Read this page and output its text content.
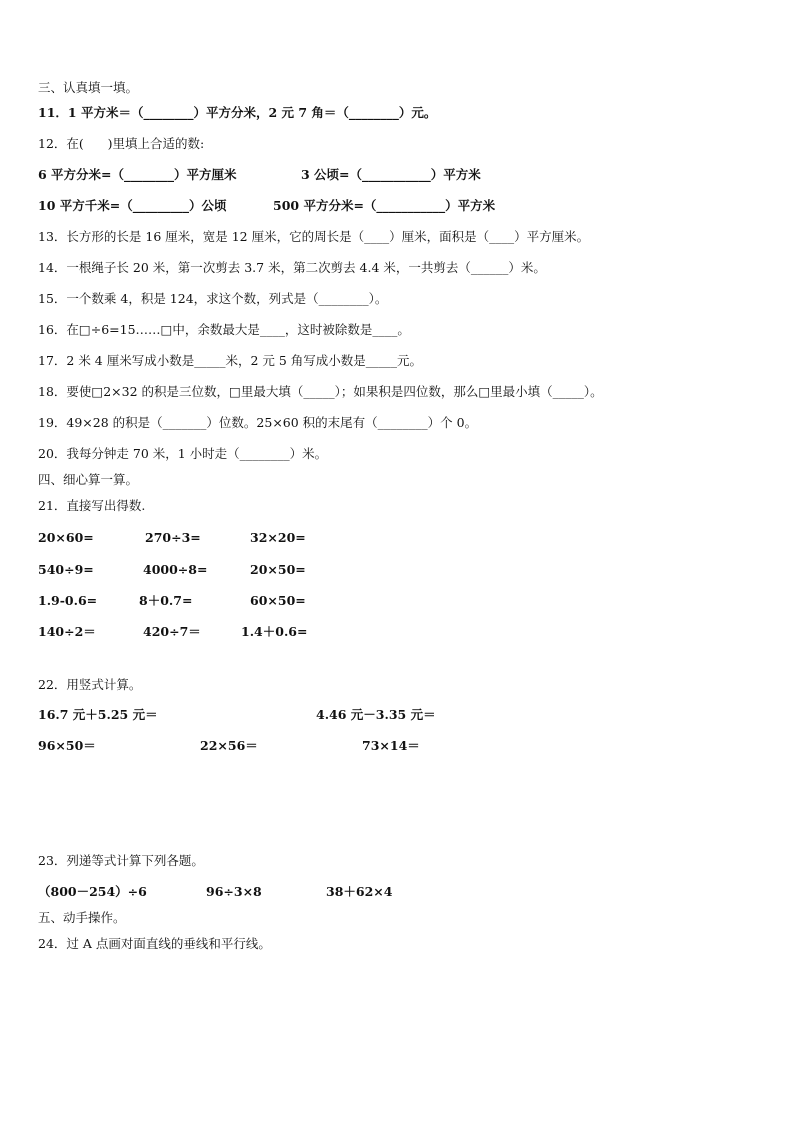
三、认真填一填。
11．1 平方米＝（________）平方分米，2 元 7 角＝（________）元。
12．在(      )里填上合适的数:
6 平方分米=（________）平方厘米	3 公顷=（___________）平方米
10 平方千米=（_________）公顷	500 平方分米=（___________）平方米
13．长方形的长是 16 厘米，宽是 12 厘米，它的周长是（____）厘米，面积是（____）平方厘米。
14．一根绳子长 20 米，第一次剪去 3.7 米，第二次剪去 4.4 米，一共剪去（______）米。
15．一个数乘 4，积是 124，求这个数，列式是（________）。
16．在□÷6=15……□中，余数最大是____，这时被除数是____。
17．2 米 4 厘米写成小数是_____米，2 元 5 角写成小数是_____元。
18．要使□2×32 的积是三位数，□里最大填（_____）；如果积是四位数，那么□里最小填（_____）。
19．49×28 的积是（_______）位数。25×60 积的末尾有（________）个 0。
20．我每分钟走 70 米，1 小时走（________）米。
四、细心算一算。
21．直接写出得数.
20×60=	270÷3=	32×20=
540÷9=	4000÷8=	20×50=
1.9-0.6=	8＋0.7=	60×50=
140÷2＝	420÷7＝	1.4＋0.6=
22．用竖式计算。
16.7 元＋5.25 元＝	4.46 元－3.35 元＝
96×50＝	22×56＝	73×14＝
23．列递等式计算下列各题。
（800－254）÷6	96÷3×8	38＋62×4
五、动手操作。
24．过 A 点画对面直线的垂线和平行线。
